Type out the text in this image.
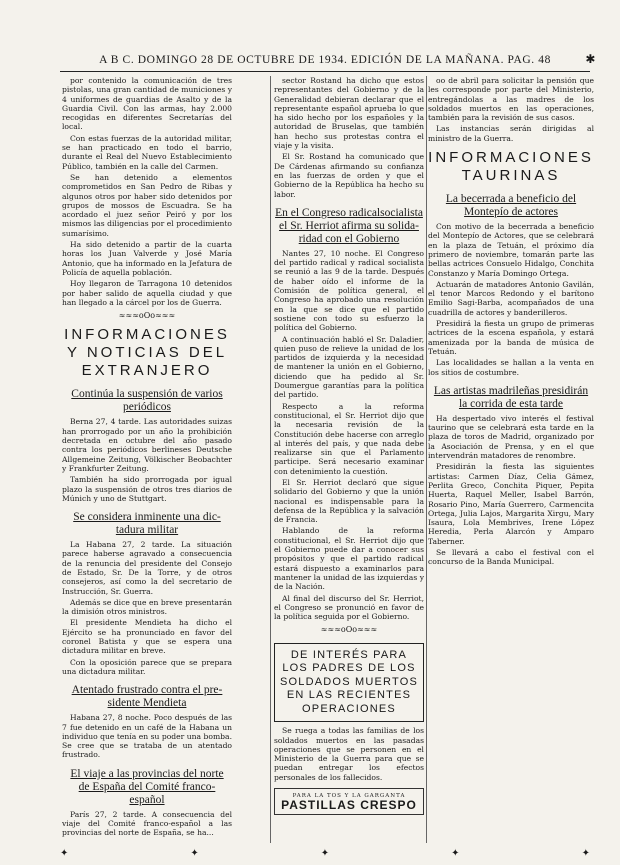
A B C. DOMINGO 28 DE OCTUBRE DE 1934. EDICIÓN DE LA MAÑANA. PAG. 48	✱

por contenido la comunicación de tres pistolas, una gran cantidad de municiones y 4 uniformes de guardias de Asalto y de la Guardia Civil. Con las armas, hay 2.000 recogidas en diferentes Secretarías del local.

Con estas fuerzas de la autoridad militar, se han practicado en todo el barrio, durante el Real del Nuevo Establecimiento Público, también en la calle del Carmen.

Se han detenido a elementos comprometidos en San Pedro de Ribas y algunos otros por haber sido detenidos por grupos de mossos de Escuadra. Se ha acordado el juez señor Peiró y por los mismos las diligencias por el procedimiento sumarísimo.

Ha sido detenido a partir de la cuarta horas los Juan Valverde y José María Antonio, que ha informado en la Jefatura de Policía de aquella población.

Hoy llegaron de Tarragona 10 detenidos por haber salido de aquella ciudad y que han llegado a la cárcel por los de Guerra.

≈≈≈oOo≈≈≈
INFORMACIONES Y NOTICIAS DEL EXTRANJERO
Continúa la suspensión de varios
periódicos

Berna 27, 4 tarde. Las autoridades suizas han prorrogado por un año la prohibición decretada en octubre del año pasado contra los periódicos berlineses Deutsche Allgemeine Zeitung, Völkischer Beobachter y Frankfurter Zeitung.

También ha sido prorrogada por igual plazo la suspensión de otros tres diarios de Múnich y uno de Stuttgart.

Se considera inminente una dic-
tadura militar

La Habana 27, 2 tarde. La situación parece haberse agravado a consecuencia de la renuncia del presidente del Consejo de Estado, Sr. De la Torre, y de otros consejeros, así como la del secretario de Instrucción, Sr. Guerra.

Además se dice que en breve presentarán la dimisión otros ministros.

El presidente Mendieta ha dicho el Ejército se ha pronunciado en favor del coronel Batista y que se espera una dictadura militar en breve.

Con la oposición parece que se prepara una dictadura militar.

Atentado frustrado contra el pre-
sidente Mendieta

Habana 27, 8 noche. Poco después de las 7 fue detenido en un café de la Habana un individuo que tenía en su poder una bomba. Se cree que se trataba de un atentado frustrado.

El viaje a las provincias del norte
de España del Comité franco-
español

París 27, 2 tarde. A consecuencia del viaje del Comité franco-español a las provincias del norte de España, se ha...

sector Rostand ha dicho que estos representantes del Gobierno y de la Generalidad debieran declarar que el representante español aprueba lo que ha sido hecho por los españoles y la autoridad de Bruselas, que también han hecho sus protestas contra el viaje y la visita.

El Sr. Rostand ha comunicado que De Cárdenas afirmando su confianza en las fuerzas de orden y que el Gobierno de la República ha hecho su labor.

En el Congreso radicalsocialista
el Sr. Herriot afirma su solida-
ridad con el Gobierno

Nantes 27, 10 noche. El Congreso del partido radical y radical socialista se reunió a las 9 de la tarde. Después de haber oído el informe de la Comisión de política general, el Congreso ha aprobado una resolución en la que se dice que el partido sostiene con todo su esfuerzo la política del Gobierno.

A continuación habló el Sr. Daladier, quien puso de relieve la unidad de los partidos de izquierda y la necesidad de mantener la unión en el Gobierno, diciendo que ha pedido al Sr. Doumergue garantías para la política del partido.

Respecto a la reforma constitucional, el Sr. Herriot dijo que la necesaria revisión de la Constitución debe hacerse con arreglo al interés del país, y que nada debe realizarse sin que el Parlamento participe. Será necesario examinar con detenimiento la cuestión.

El Sr. Herriot declaró que sigue solidario del Gobierno y que la unión nacional es indispensable para la defensa de la República y la salvación de Francia.

Hablando de la reforma constitucional, el Sr. Herriot dijo que el Gobierno puede dar a conocer sus propósitos y que el partido radical estará dispuesto a examinarlos para mantener la unidad de las izquierdas y de la Nación.

Al final del discurso del Sr. Herriot, el Congreso se pronunció en favor de la política seguida por el Gobierno.

≈≈≈oOo≈≈≈
DE INTERÉS PARA LOS PADRES DE LOS SOLDADOS MUERTOS EN LAS RECIENTES OPERACIONES

Se ruega a todas las familias de los soldados muertos en las pasadas operaciones que se personen en el Ministerio de la Guerra para que se puedan entregar los efectos personales de los fallecidos.

PARA LA TOS Y LA GARGANTA
PASTILLAS CRESPO

oo de abril para solicitar la pensión que les corresponde por parte del Ministerio, entregándolas a las madres de los soldados muertos en las operaciones, también para la revisión de sus casos.

Las instancias serán dirigidas al ministro de la Guerra.

INFORMACIONES TAURINAS
La becerrada a beneficio del
Montepío de actores

Con motivo de la becerrada a beneficio del Montepío de Actores, que se celebrará en la plaza de Tetuán, el próximo día primero de noviembre, tomarán parte las bellas actrices Consuelo Hidalgo, Conchita Constanzo y María Domingo Ortega.

Actuarán de matadores Antonio Gavilán, el tenor Marcos Redondo y el barítono Emilio Sagi-Barba, acompañados de una cuadrilla de actores y banderilleros.

Presidirá la fiesta un grupo de primeras actrices de la escena española, y estará amenizada por la banda de música de Tetuán.

Las localidades se hallan a la venta en los sitios de costumbre.

Las artistas madrileñas presidirán
la corrida de esta tarde

Ha despertado vivo interés el festival taurino que se celebrará esta tarde en la plaza de toros de Madrid, organizado por la Asociación de Prensa, y en el que intervendrán matadores de renombre.

Presidirán la fiesta las siguientes artistas: Carmen Díaz, Celia Gámez, Perlita Greco, Conchita Piquer, Pepita Huerta, Raquel Meller, Isabel Barrón, Rosario Pino, María Guerrero, Carmencita Ortega, Julia Lajos, Margarita Xirgu, Mary Isaura, Lola Membrives, Irene López Heredia, Perla Alarcón y Amparo Taberner.

Se llevará a cabo el festival con el concurso de la Banda Municipal.

✦	✦	✦	✦	✦
